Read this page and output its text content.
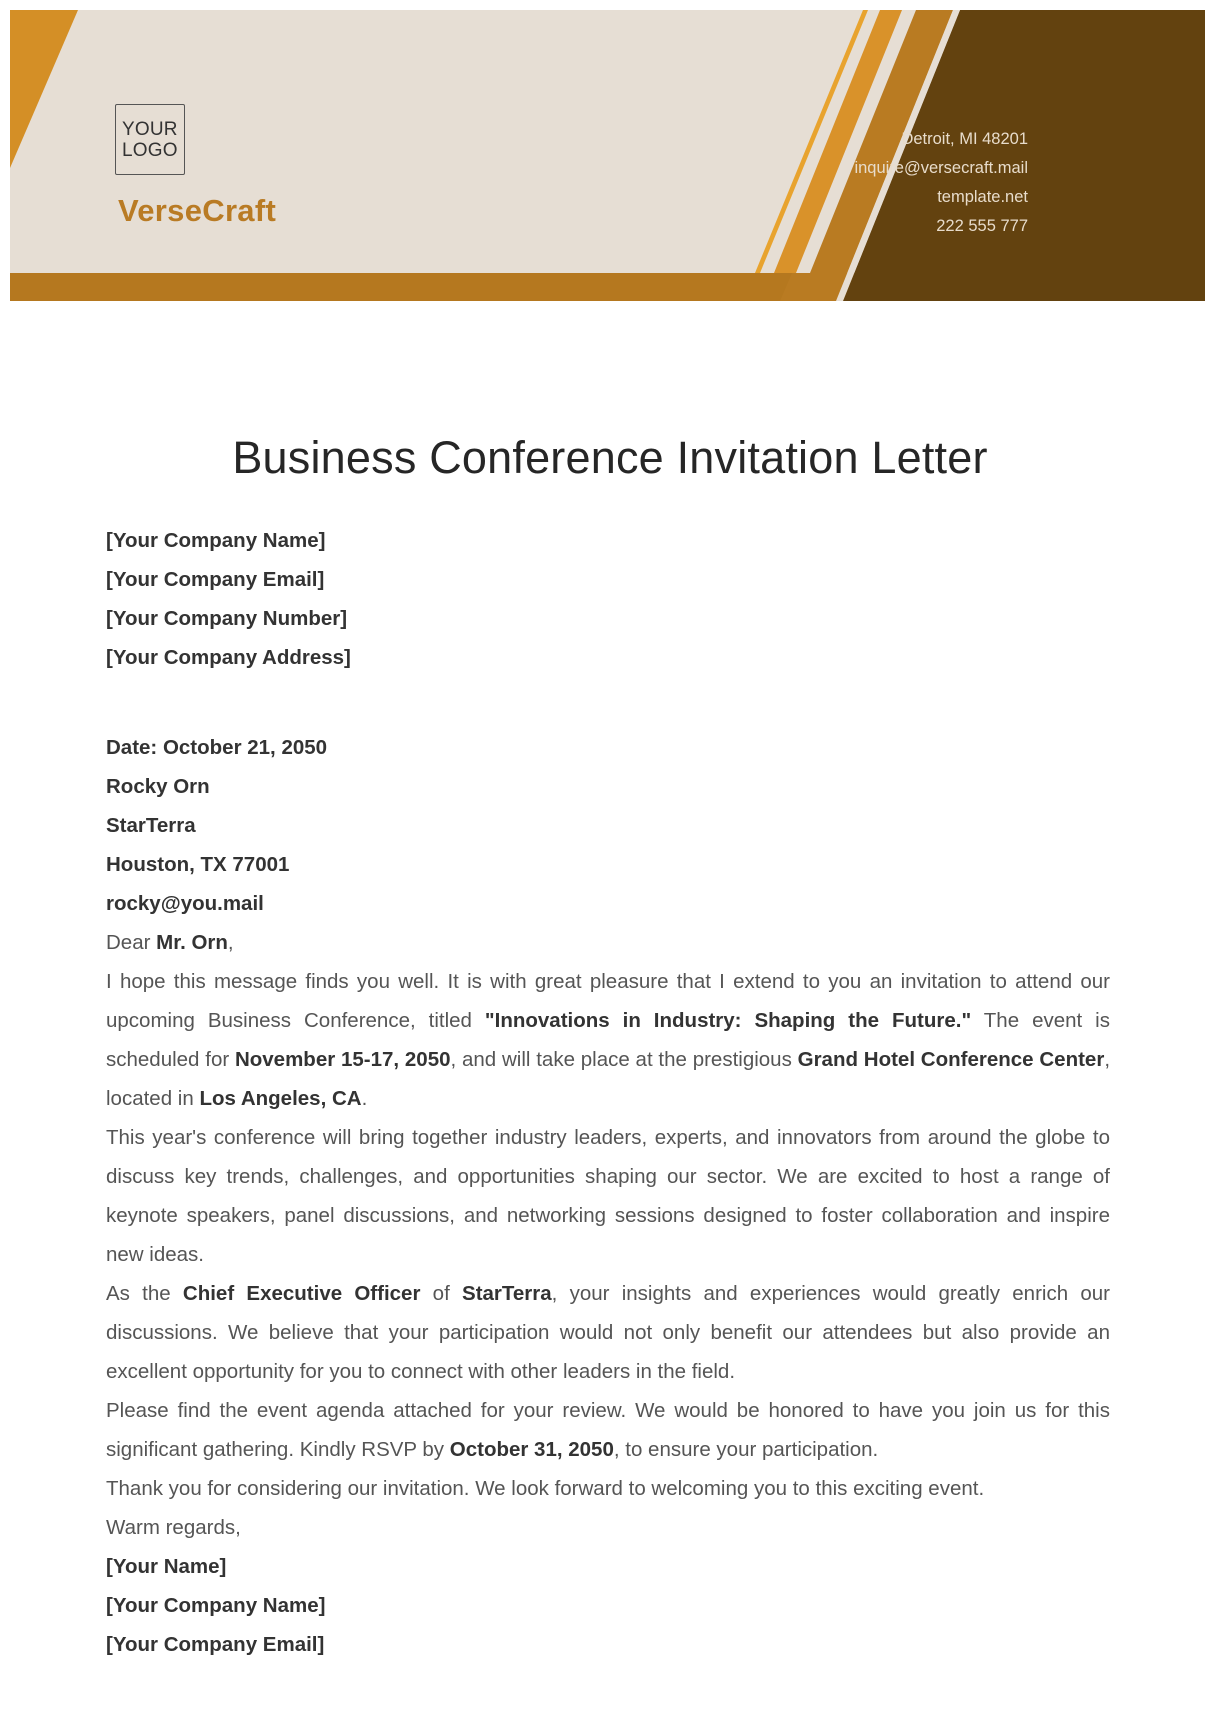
YOUR
LOGO
VerseCraft
Detroit, MI 48201
inquire@versecraft.mail
template.net
222 555 777
Business Conference Invitation Letter
[Your Company Name]
[Your Company Email]
[Your Company Number]
[Your Company Address]
Date: October 21, 2050
Rocky Orn
StarTerra
Houston, TX 77001
rocky@you.mail
Dear Mr. Orn,
I hope this message finds you well. It is with great pleasure that I extend to you an invitation to attend our upcoming Business Conference, titled "Innovations in Industry: Shaping the Future." The event is scheduled for November 15-17, 2050, and will take place at the prestigious Grand Hotel Conference Center, located in Los Angeles, CA.
This year's conference will bring together industry leaders, experts, and innovators from around the globe to discuss key trends, challenges, and opportunities shaping our sector. We are excited to host a range of keynote speakers, panel discussions, and networking sessions designed to foster collaboration and inspire new ideas.
As the Chief Executive Officer of StarTerra, your insights and experiences would greatly enrich our discussions. We believe that your participation would not only benefit our attendees but also provide an excellent opportunity for you to connect with other leaders in the field.
Please find the event agenda attached for your review. We would be honored to have you join us for this significant gathering. Kindly RSVP by October 31, 2050, to ensure your participation.
Thank you for considering our invitation. We look forward to welcoming you to this exciting event.
Warm regards,
[Your Name]
[Your Company Name]
[Your Company Email]
